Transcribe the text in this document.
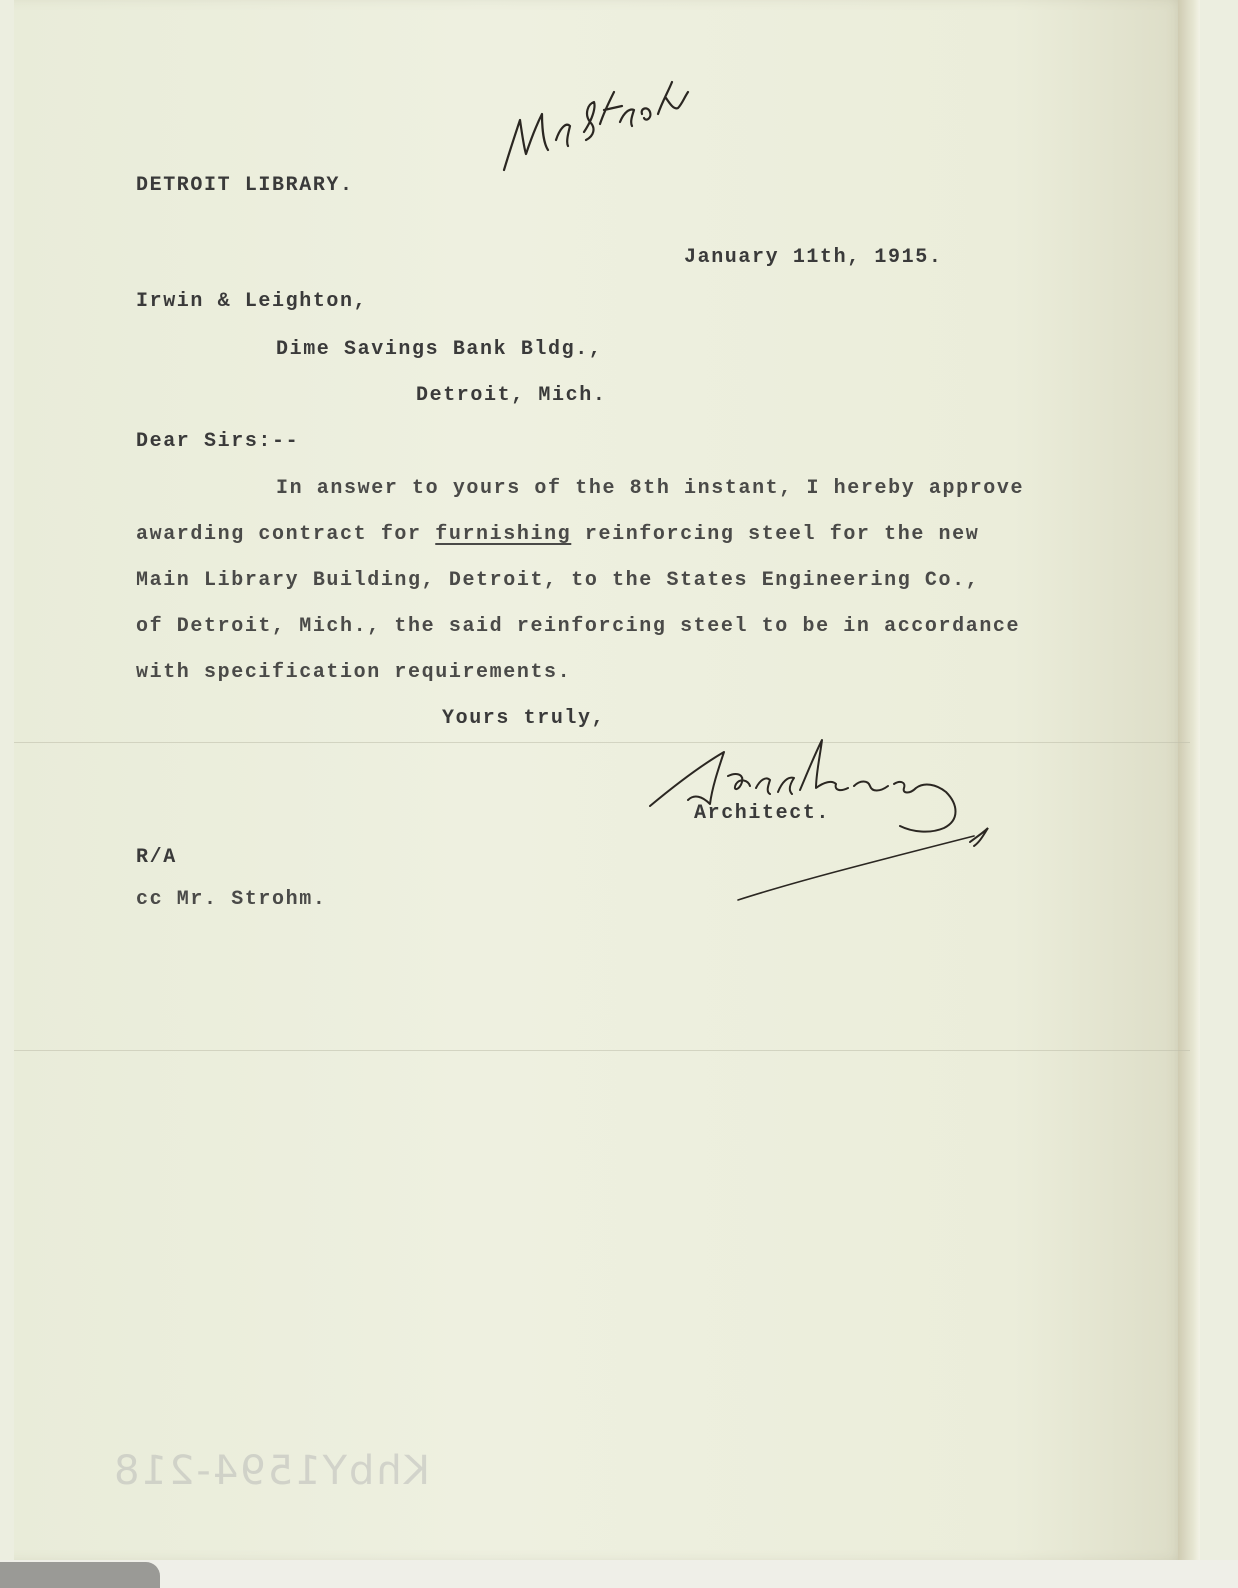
DETROIT LIBRARY.

January 11th, 1915.

Irwin & Leighton,

Dime Savings Bank Bldg.,

Detroit, Mich.

Dear Sirs:--

In answer to yours of the 8th instant, I hereby approve

awarding contract for furnishing reinforcing steel for the new

Main Library Building, Detroit, to the States Engineering Co.,

of Detroit, Mich., the said reinforcing steel to be in accordance

with specification requirements.

Yours truly,

Architect.

R/A

cc Mr. Strohm.

KhbY1594-218
